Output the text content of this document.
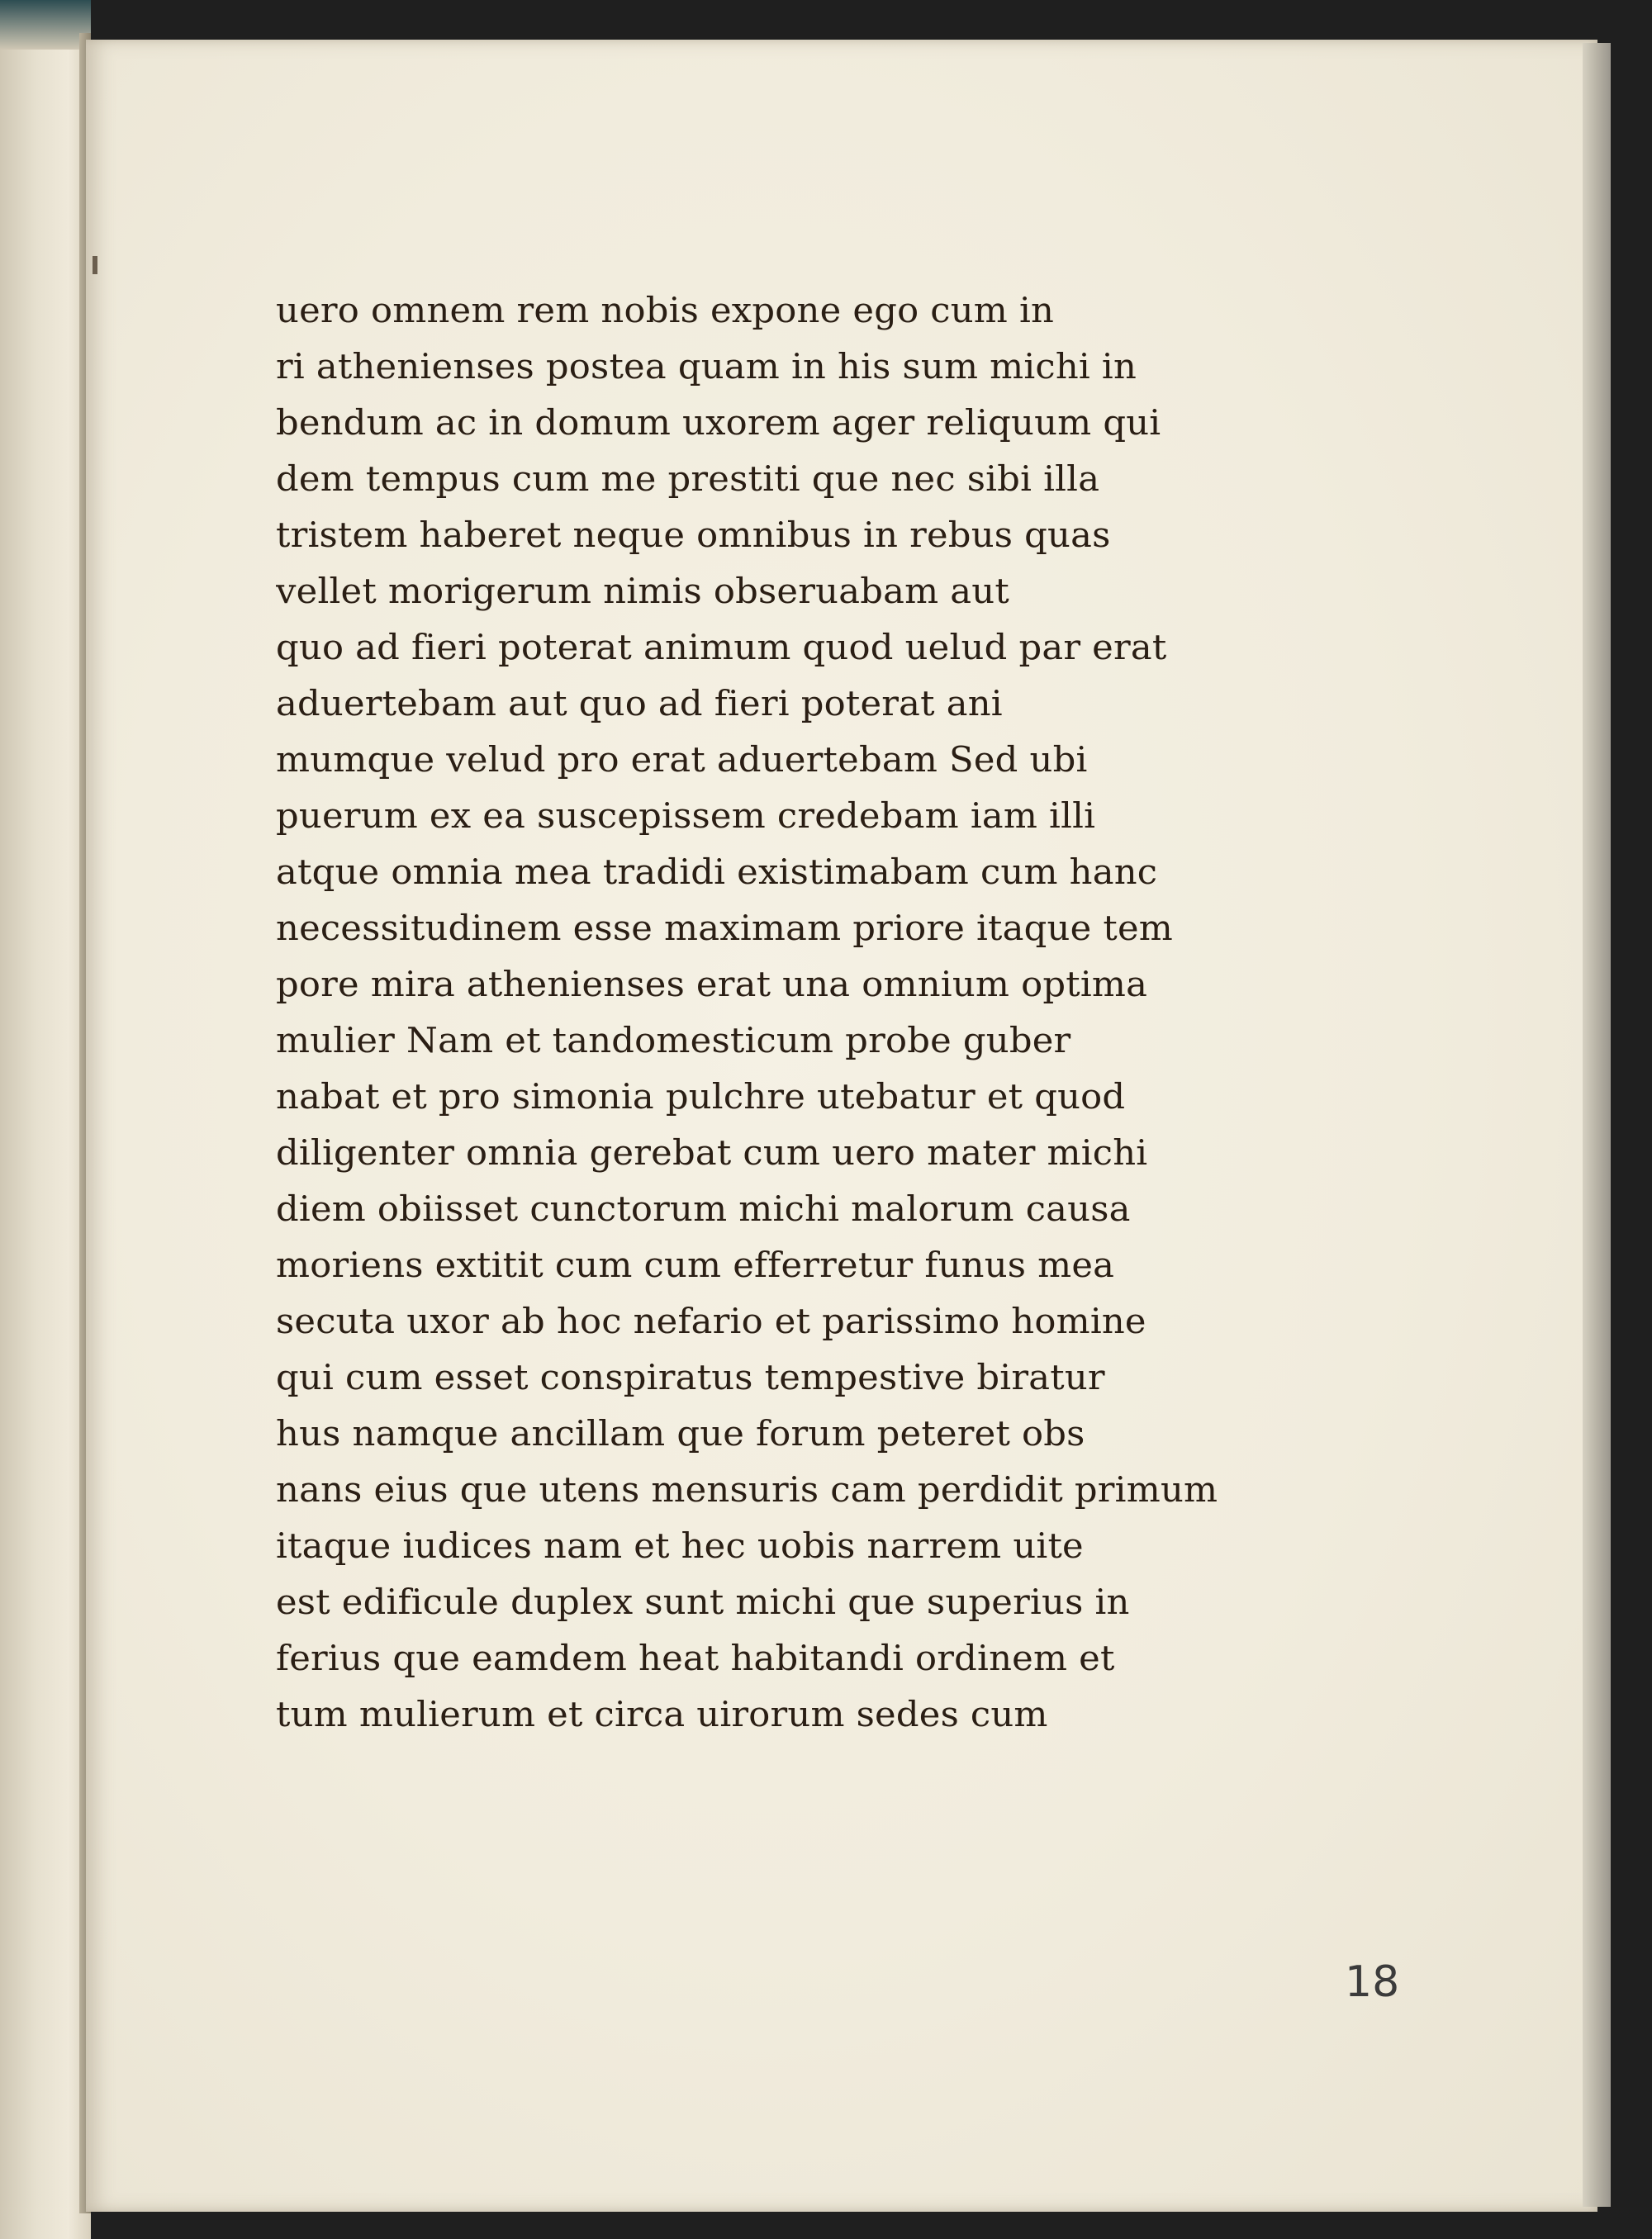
uero omnem rem nobis expone ego cum in
ri athenienses postea quam in his sum michi in
bendum ac in domum uxorem ager reliquum qui
dem tempus cum me prestiti que nec sibi illa
tristem haberet neque omnibus in rebus quas
vellet morigerum nimis obseruabam aut
quo ad fieri poterat animum quod uelud par erat
aduertebam aut quo ad fieri poterat ani
mumque velud pro erat aduertebam Sed ubi
puerum ex ea suscepissem credebam iam illi
atque omnia mea tradidi existimabam cum hanc
necessitudinem esse maximam priore itaque tem
pore mira athenienses erat una omnium optima
mulier Nam et tandomesticum probe guber
nabat et pro simonia pulchre utebatur et quod
diligenter omnia gerebat cum uero mater michi
diem obiisset cunctorum michi malorum causa
moriens extitit cum cum efferretur funus mea
secuta uxor ab hoc nefario et parissimo homine
qui cum esset conspiratus tempestive biratur
hus namque ancillam que forum peteret obs
nans eius que utens mensuris cam perdidit primum
itaque iudices nam et hec uobis narrem uite
est edificule duplex sunt michi que superius in
ferius que eamdem heat habitandi ordinem et
tum mulierum et circa uirorum sedes cum
18
